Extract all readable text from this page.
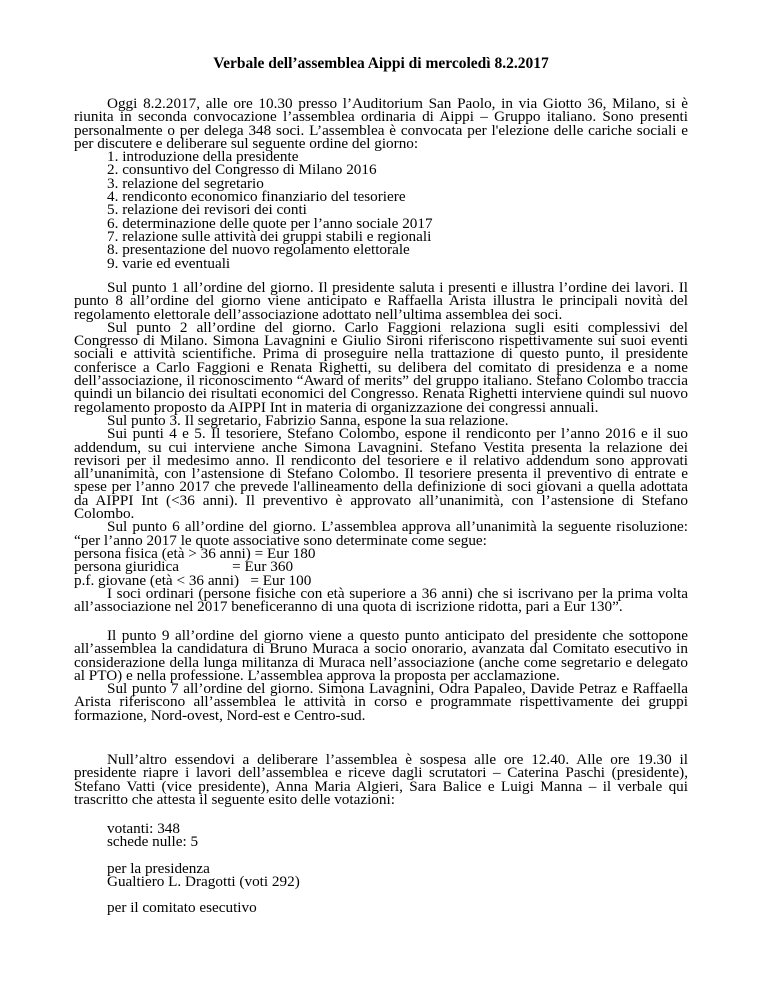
Verbale dell’assemblea Aippi di mercoledì 8.2.2017

Oggi 8.2.2017, alle ore 10.30 presso l’Auditorium San Paolo, in via Giotto 36, Milano, si è riunita in seconda convocazione l’assemblea ordinaria di Aippi – Gruppo italiano. Sono presenti personalmente o per delega 348 soci. L’assemblea è convocata per l'elezione delle cariche sociali e per discutere e deliberare sul seguente ordine del giorno:

1. introduzione della presidente
2. consuntivo del Congresso di Milano 2016
3. relazione del segretario
4. rendiconto economico finanziario del tesoriere
5. relazione dei revisori dei conti
6. determinazione delle quote per l’anno sociale 2017
7. relazione sulle attività dei gruppi stabili e regionali
8. presentazione del nuovo regolamento elettorale
9. varie ed eventuali

Sul punto 1 all’ordine del giorno. Il presidente saluta i presenti e illustra l’ordine dei lavori. Il punto 8 all’ordine del giorno viene anticipato e Raffaella Arista illustra le principali novità del regolamento elettorale dell’associazione adottato nell’ultima assemblea dei soci.

Sul punto 2 all’ordine del giorno. Carlo Faggioni relaziona sugli esiti complessivi del Congresso di Milano. Simona Lavagnini e Giulio Sironi riferiscono rispettivamente sui suoi eventi sociali e attività scientifiche. Prima di proseguire nella trattazione di questo punto, il presidente conferisce a Carlo Faggioni e Renata Righetti, su delibera del comitato di presidenza e a nome dell’associazione, il riconoscimento “Award of merits” del gruppo italiano. Stefano Colombo traccia quindi un bilancio dei risultati economici del Congresso. Renata Righetti interviene quindi sul nuovo regolamento proposto da AIPPI Int in materia di organizzazione dei congressi annuali.

Sul punto 3. Il segretario, Fabrizio Sanna, espone la sua relazione.

Sui punti 4 e 5. Il tesoriere, Stefano Colombo, espone il rendiconto per l’anno 2016 e il suo addendum, su cui interviene anche Simona Lavagnini. Stefano Vestita presenta la relazione dei revisori per il medesimo anno. Il rendiconto del tesoriere e il relativo addendum sono approvati all’unanimità, con l’astensione di Stefano Colombo. Il tesoriere presenta il preventivo di entrate e spese per l’anno 2017 che prevede l'allineamento della definizione di soci giovani a quella adottata da AIPPI Int (<36 anni). Il preventivo è approvato all’unanimità, con l’astensione di Stefano Colombo.

Sul punto 6 all’ordine del giorno. L’assemblea approva all’unanimità la seguente risoluzione: “per l’anno 2017 le quote associative sono determinate come segue:

persona fisica (età > 36 anni) = Eur 180
persona giuridica              = Eur 360
p.f. giovane (età < 36 anni)   = Eur 100

I soci ordinari (persone fisiche con età superiore a 36 anni) che si iscrivano per la prima volta all’associazione nel 2017 beneficeranno di una quota di iscrizione ridotta, pari a Eur 130”.

Il punto 9 all’ordine del giorno viene a questo punto anticipato del presidente che sottopone all’assemblea la candidatura di Bruno Muraca a socio onorario, avanzata dal Comitato esecutivo in considerazione della lunga militanza di Muraca nell’associazione (anche come segretario e delegato al PTO) e nella professione. L’assemblea approva la proposta per acclamazione.

Sul punto 7 all’ordine del giorno. Simona Lavagnini, Odra Papaleo, Davide Petraz e Raffaella Arista riferiscono all’assemblea le attività in corso e programmate rispettivamente dei gruppi formazione, Nord-ovest, Nord-est e Centro-sud.

Null’altro essendovi a deliberare l’assemblea è sospesa alle ore 12.40. Alle ore 19.30 il presidente riapre i lavori dell’assemblea e riceve dagli scrutatori – Caterina Paschi (presidente), Stefano Vatti (vice presidente), Anna Maria Algieri, Sara Balice e Luigi Manna – il verbale qui trascritto che attesta il seguente esito delle votazioni:

votanti: 348
schede nulle: 5
per la presidenza
Gualtiero L. Dragotti (voti 292)
per il comitato esecutivo
